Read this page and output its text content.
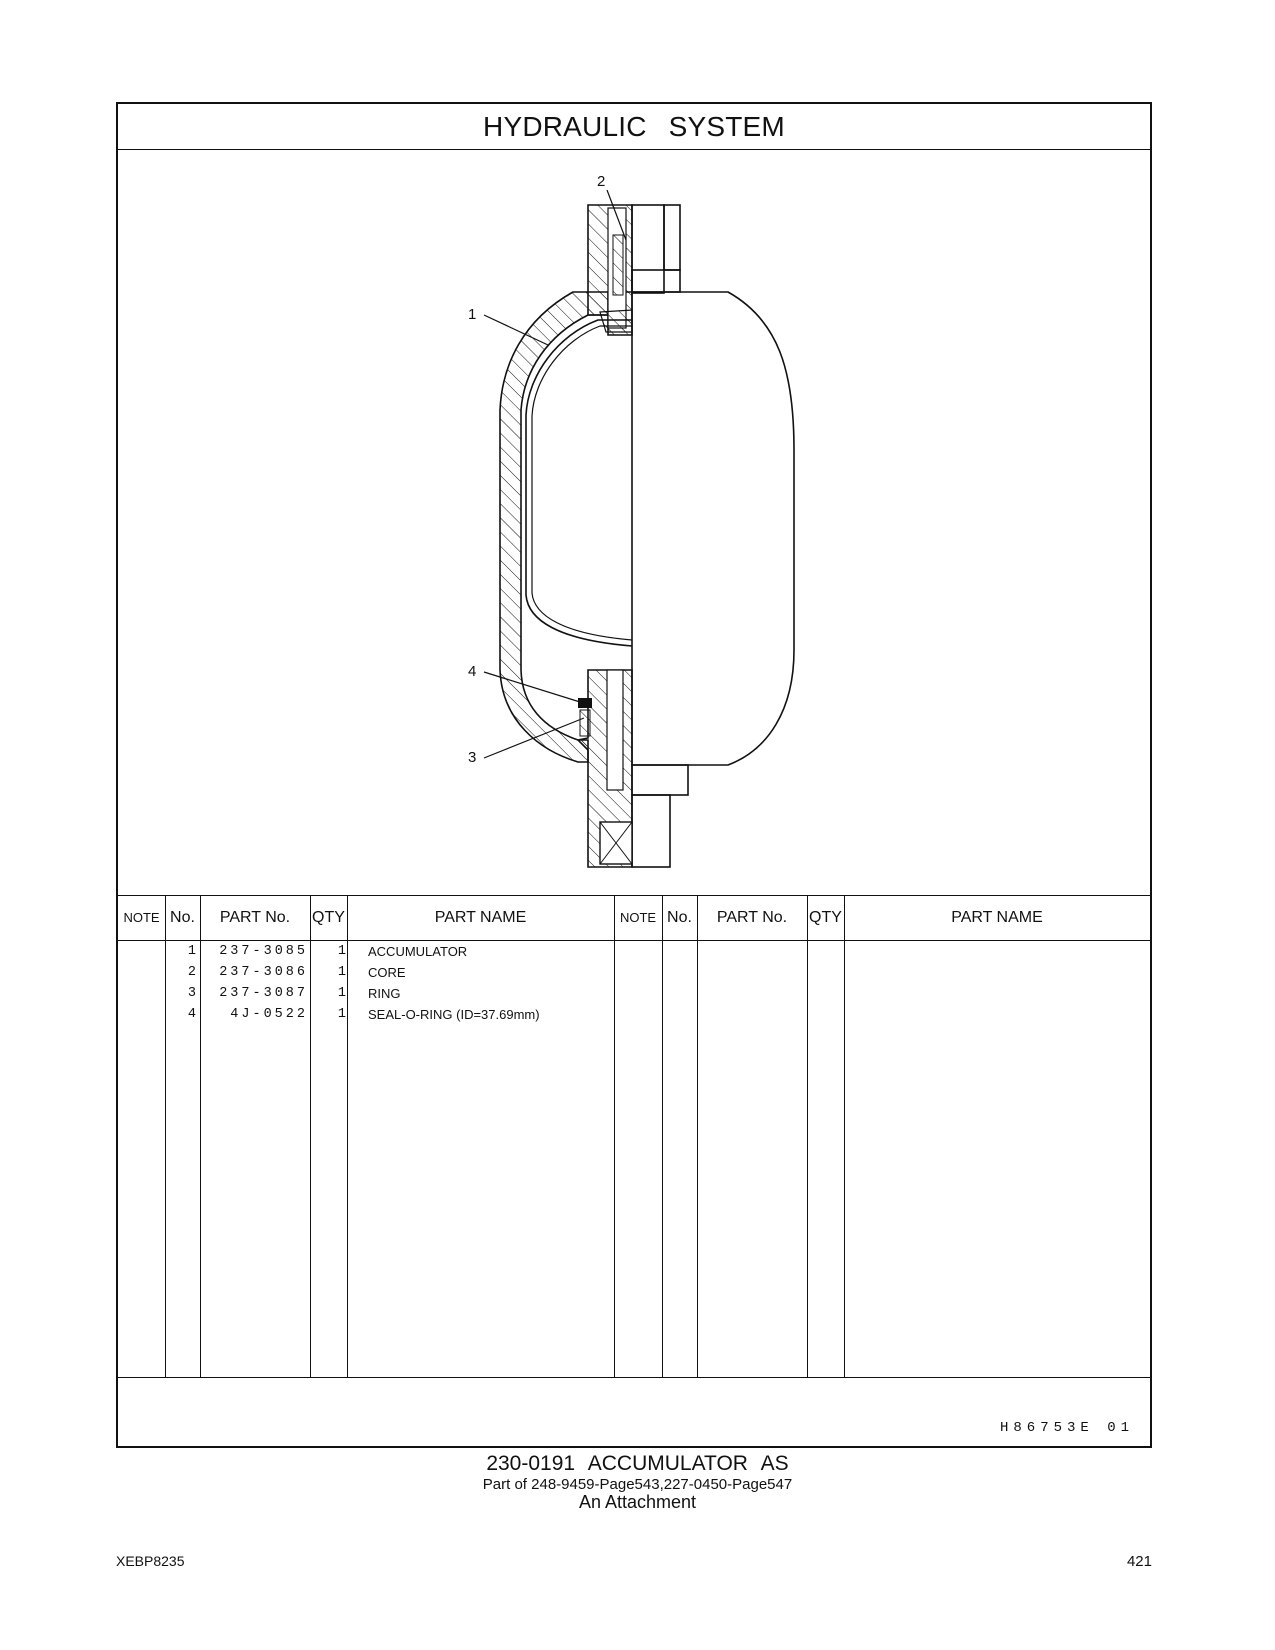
HYDRAULIC SYSTEM
2
1
4
3
NOTE No.	PART No.	QTY	PART NAME	NOTE No.	PART No.	QTY	PART NAME
1	237-3085	1 ACCUMULATOR
2	237-3086	1 CORE
3	237-3087	1 RING
4	4J-0522	1 SEAL-O-RING (ID=37.69mm)
H86753E 01
230-0191 ACCUMULATOR AS
Part of 248-9459-Page543,227-0450-Page547
An Attachment
XEBP8235	421
